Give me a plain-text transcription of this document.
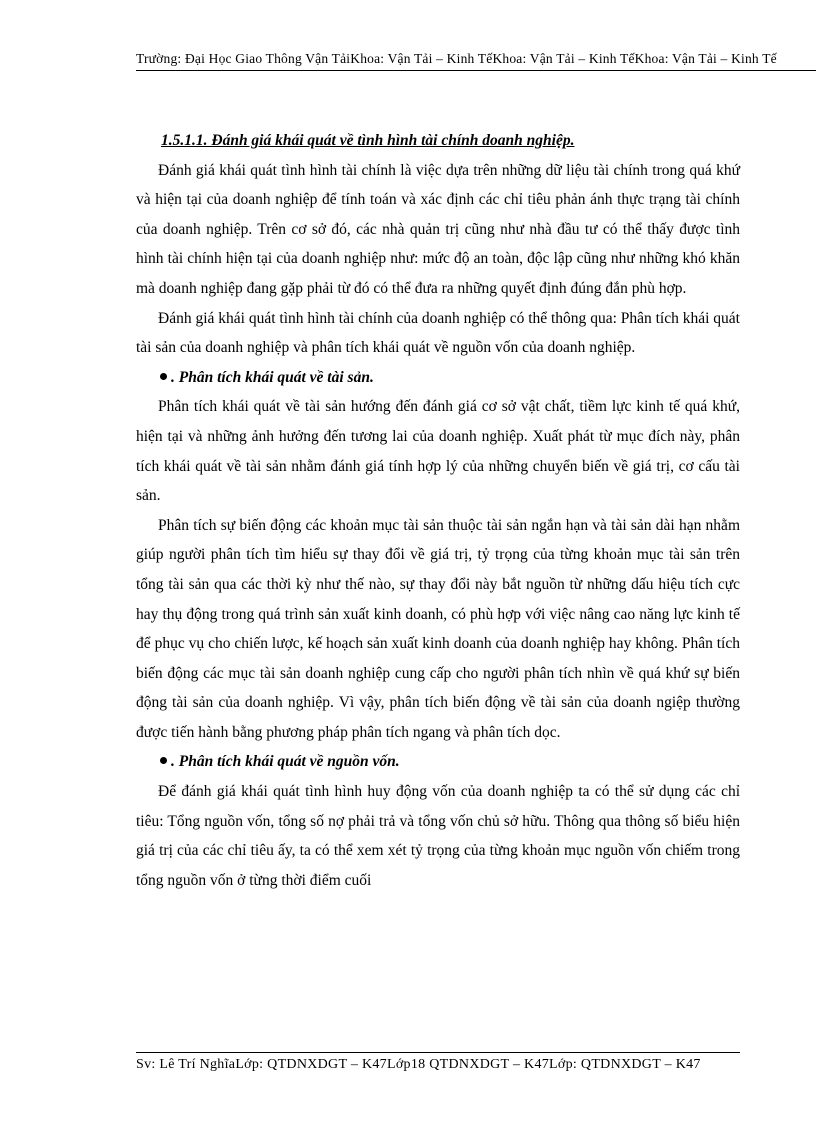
Trường: Đại Học Giao Thông Vận TảiKhoa: Vận Tải – Kinh TếKhoa: Vận Tải – Kinh TếKhoa: Vận Tải – Kinh Tế
1.5.1.1. Đánh giá khái quát về tình hình tài chính doanh nghiệp.

Đánh giá khái quát tình hình tài chính là việc dựa trên những dữ liệu tài chính trong quá khứ và hiện tại của doanh nghiệp để tính toán và xác định các chỉ tiêu phản ánh thực trạng tài chính của doanh nghiệp. Trên cơ sở đó, các nhà quản trị cũng như nhà đầu tư có thể thấy được tình hình tài chính hiện tại của doanh nghiệp như: mức độ an toàn, độc lập cũng như những khó khăn mà doanh nghiệp đang gặp phải từ đó có thể đưa ra những quyết định đúng đắn phù hợp.

Đánh giá khái quát tình hình tài chính của doanh nghiệp có thể thông qua: Phân tích khái quát tài sản của doanh nghiệp và phân tích khái quát về nguồn vốn của doanh nghiệp.

. Phân tích khái quát về tài sản.

Phân tích khái quát về tài sản hướng đến đánh giá cơ sở vật chất, tiềm lực kinh tế quá khứ, hiện tại và những ảnh hưởng đến tương lai của doanh nghiệp. Xuất phát từ mục đích này, phân tích khái quát về tài sản nhằm đánh giá tính hợp lý của những chuyển biến về giá trị, cơ cấu tài sản.

Phân tích sự biến động các khoản mục tài sản thuộc tài sản ngắn hạn và tài sản dài hạn nhằm giúp người phân tích tìm hiểu sự thay đổi về giá trị, tỷ trọng của từng khoản mục tài sản trên tổng tài sản qua các thời kỳ như thế nào, sự thay đổi này bắt nguồn từ những dấu hiệu tích cực hay thụ động trong quá trình sản xuất kinh doanh, có phù hợp với việc nâng cao năng lực kinh tế để phục vụ cho chiến lược, kế hoạch sản xuất kinh doanh của doanh nghiệp hay không. Phân tích biến động các mục tài sản doanh nghiệp cung cấp cho người phân tích nhìn về quá khứ sự biến động tài sản của doanh nghiệp. Vì vậy, phân tích biến động về tài sản của doanh ngiệp thường được tiến hành bằng phương pháp phân tích ngang và phân tích dọc.

. Phân tích khái quát về nguồn vốn.

Để đánh giá khái quát tình hình huy động vốn của doanh nghiệp ta có thể sử dụng các chỉ tiêu: Tổng nguồn vốn, tổng số nợ phải trả và tổng vốn chủ sở hữu. Thông qua thông số biểu hiện giá trị của các chỉ tiêu ấy, ta có thể xem xét tỷ trọng của từng khoản mục nguồn vốn chiếm trong tổng nguồn vốn ở từng thời điểm cuối

Sv: Lê Trí NghĩaLớp: QTDNXDGT – K47Lớp18 QTDNXDGT – K47Lớp: QTDNXDGT – K47
